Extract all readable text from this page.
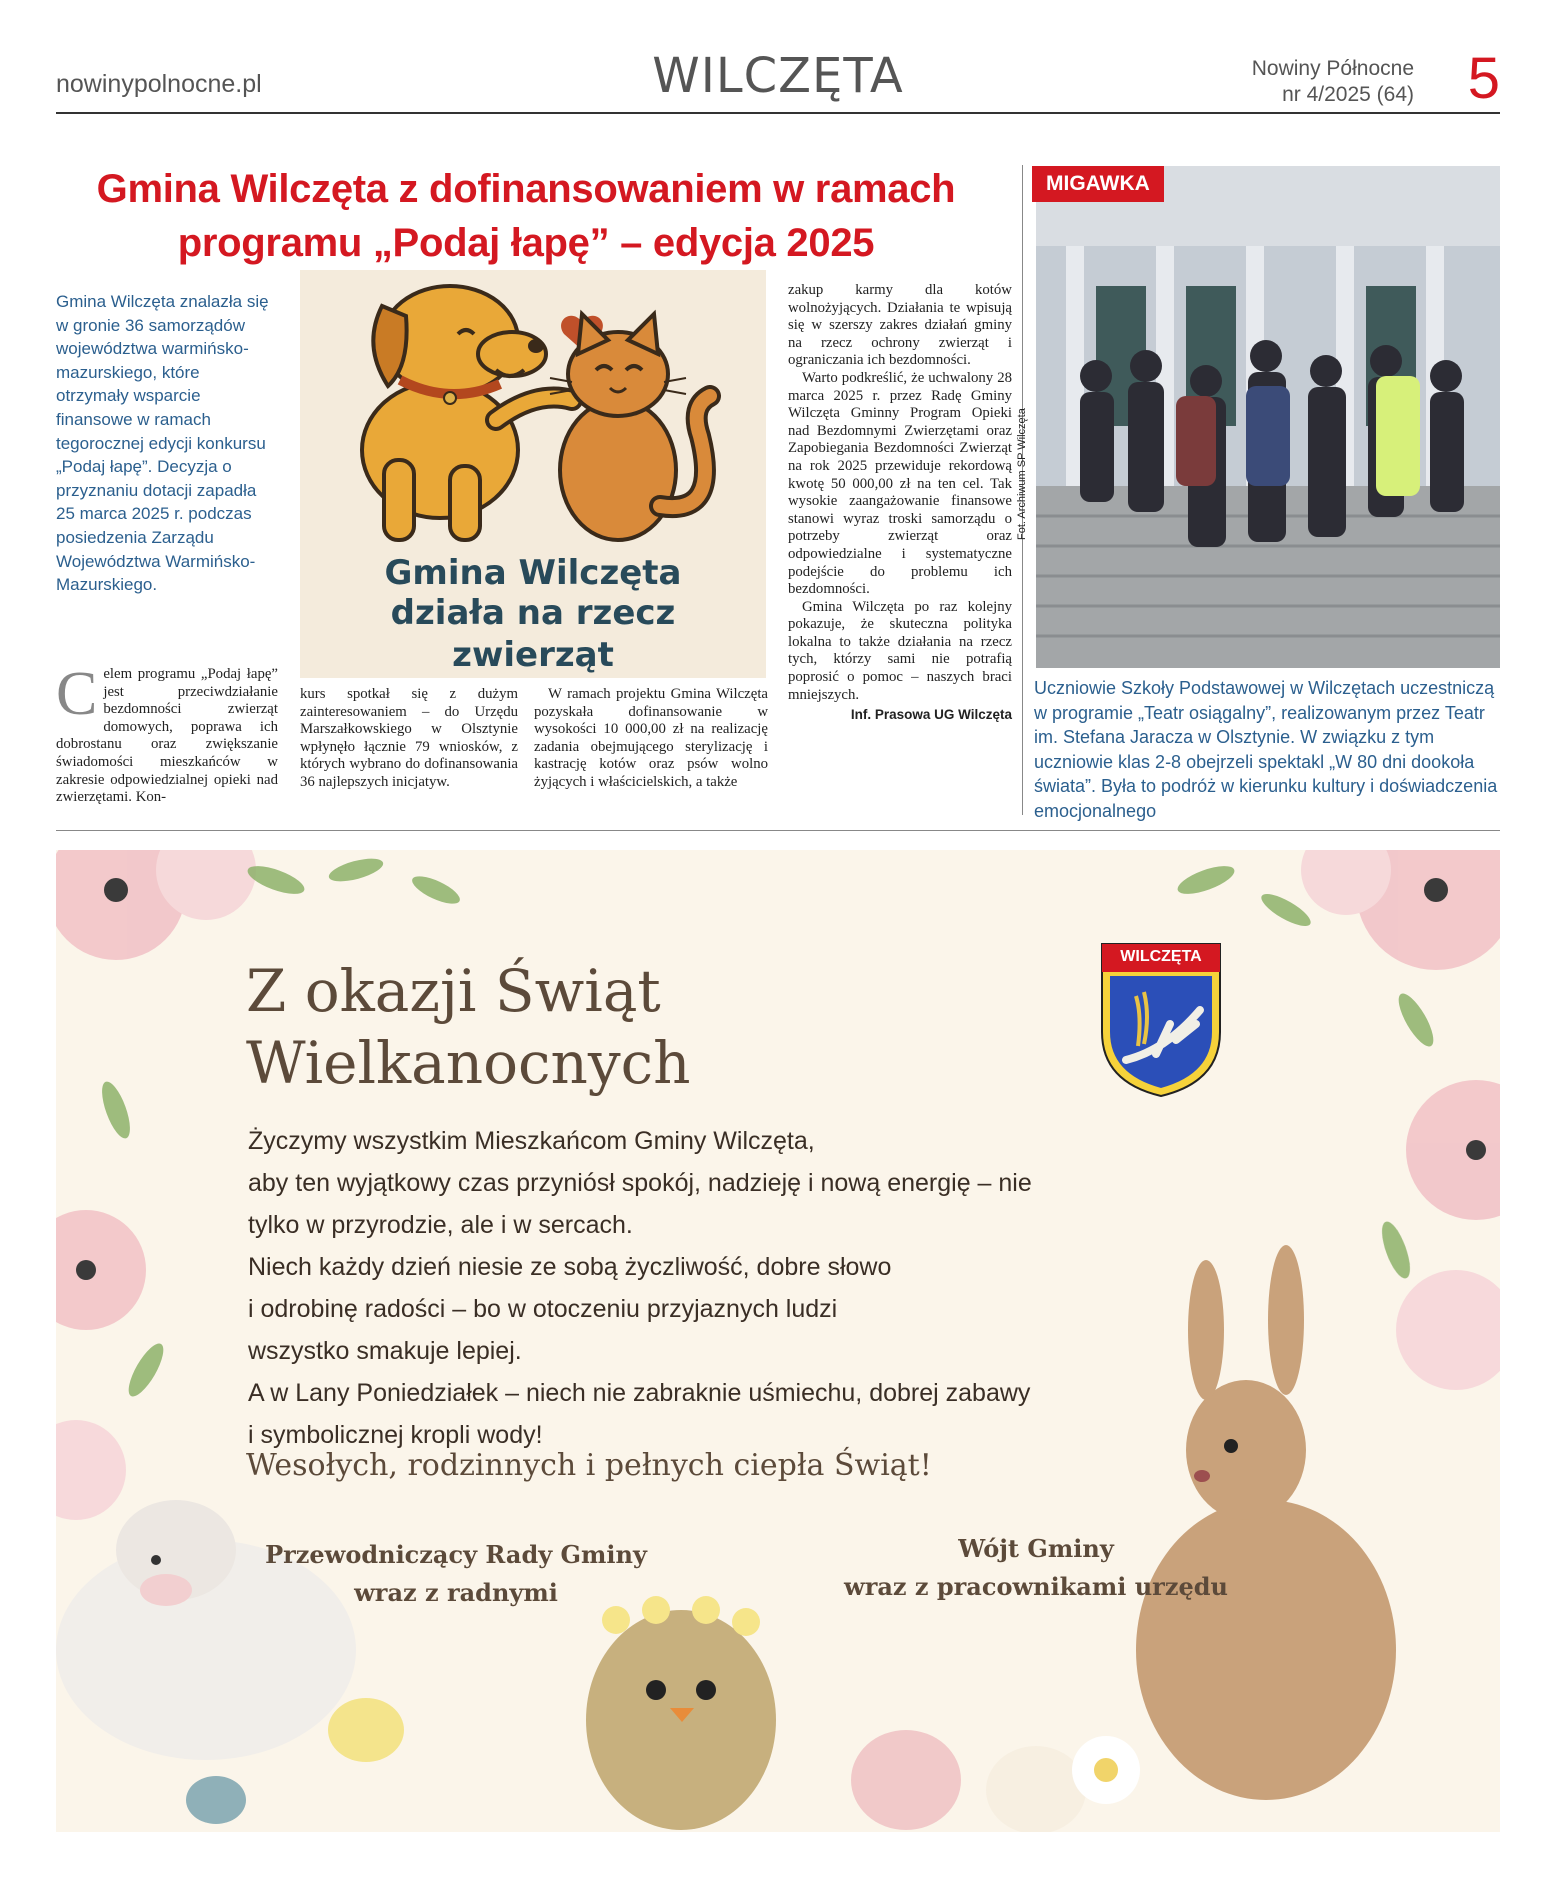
nowinypolnocne.pl	WILCZĘTA	Nowiny Północne
nr 4/2025 (64) 5
Gmina Wilczęta z dofinansowaniem w ramach
programu „Podaj łapę” – edycja 2025
Gmina Wilczęta znalazła się w gronie 36 samorządów województwa warmińsko-mazurskiego, które otrzymały wsparcie finansowe w ramach tegorocznej edycji konkursu „Podaj łapę”. Decyzja o przyznaniu dotacji zapadła 25 marca 2025 r. podczas posiedzenia Zarządu Województwa Warmińsko-Mazurskiego.
C elem programu „Podaj łapę” jest przeciwdziałanie bezdomności zwierząt domowych, poprawa ich dobrostanu oraz zwiększanie świadomości mieszkańców w zakresie odpowiedzialnej opieki nad zwierzętami. Kon-

kurs spotkał się z dużym zainteresowaniem – do Urzędu Marszałkowskiego w Olsztynie wpłynęło łącznie 79 wniosków, z których wybrano do dofinansowania 36 najlepszych inicjatyw.

W ramach projektu Gmina Wilczęta pozyskała dofinansowanie w wysokości 10 000,00 zł na realizację zadania obejmującego sterylizację i kastrację kotów oraz psów wolno żyjących i właścicielskich, a także

zakup karmy dla kotów wolnożyjących. Działania te wpisują się w szerszy zakres działań gminy na rzecz ochrony zwierząt i ograniczania ich bezdomności.

Warto podkreślić, że uchwalony 28 marca 2025 r. przez Radę Gminy Wilczęta Gminny Program Opieki nad Bezdomnymi Zwierzętami oraz Zapobiegania Bezdomności Zwierząt na rok 2025 przewiduje rekordową kwotę 50 000,00 zł na ten cel. Tak wysokie zaangażowanie finansowe stanowi wyraz troski samorządu o potrzeby zwierząt oraz odpowiedzialne i systematyczne podejście do problemu ich bezdomności.

Gmina Wilczęta po raz kolejny pokazuje, że skuteczna polityka lokalna to także działania na rzecz tych, którzy sami nie potrafią poprosić o pomoc – naszych braci mniejszych.

Inf. Prasowa UG Wilczęta
Gmina Wilczęta
działa na rzecz
zwierząt
MIGAWKA
Fot. Archiwum SP Wilczęta
Uczniowie Szkoły Podstawowej w Wilczętach uczestniczą w programie „Teatr osiągalny”, realizowanym przez Teatr im. Stefana Jaracza w Olsztynie. W związku z tym uczniowie klas 2-8 obejrzeli spektakl „W 80 dni dookoła świata”. Była to podróż w kierunku kultury i doświadczenia emocjonalnego
Z okazji Świąt
Wielkanocnych
WILCZĘTA
Życzymy wszystkim Mieszkańcom Gminy Wilczęta,
aby ten wyjątkowy czas przyniósł spokój, nadzieję i nową energię – nie
tylko w przyrodzie, ale i w sercach.
Niech każdy dzień niesie ze sobą życzliwość, dobre słowo
i odrobinę radości – bo w otoczeniu przyjaznych ludzi
wszystko smakuje lepiej.
A w Lany Poniedziałek – niech nie zabraknie uśmiechu, dobrej zabawy
i symbolicznej kropli wody!
Wesołych, rodzinnych i pełnych ciepła Świąt!
Przewodniczący Rady Gminy
wraz z radnymi
Wójt Gminy
wraz z pracownikami urzędu
